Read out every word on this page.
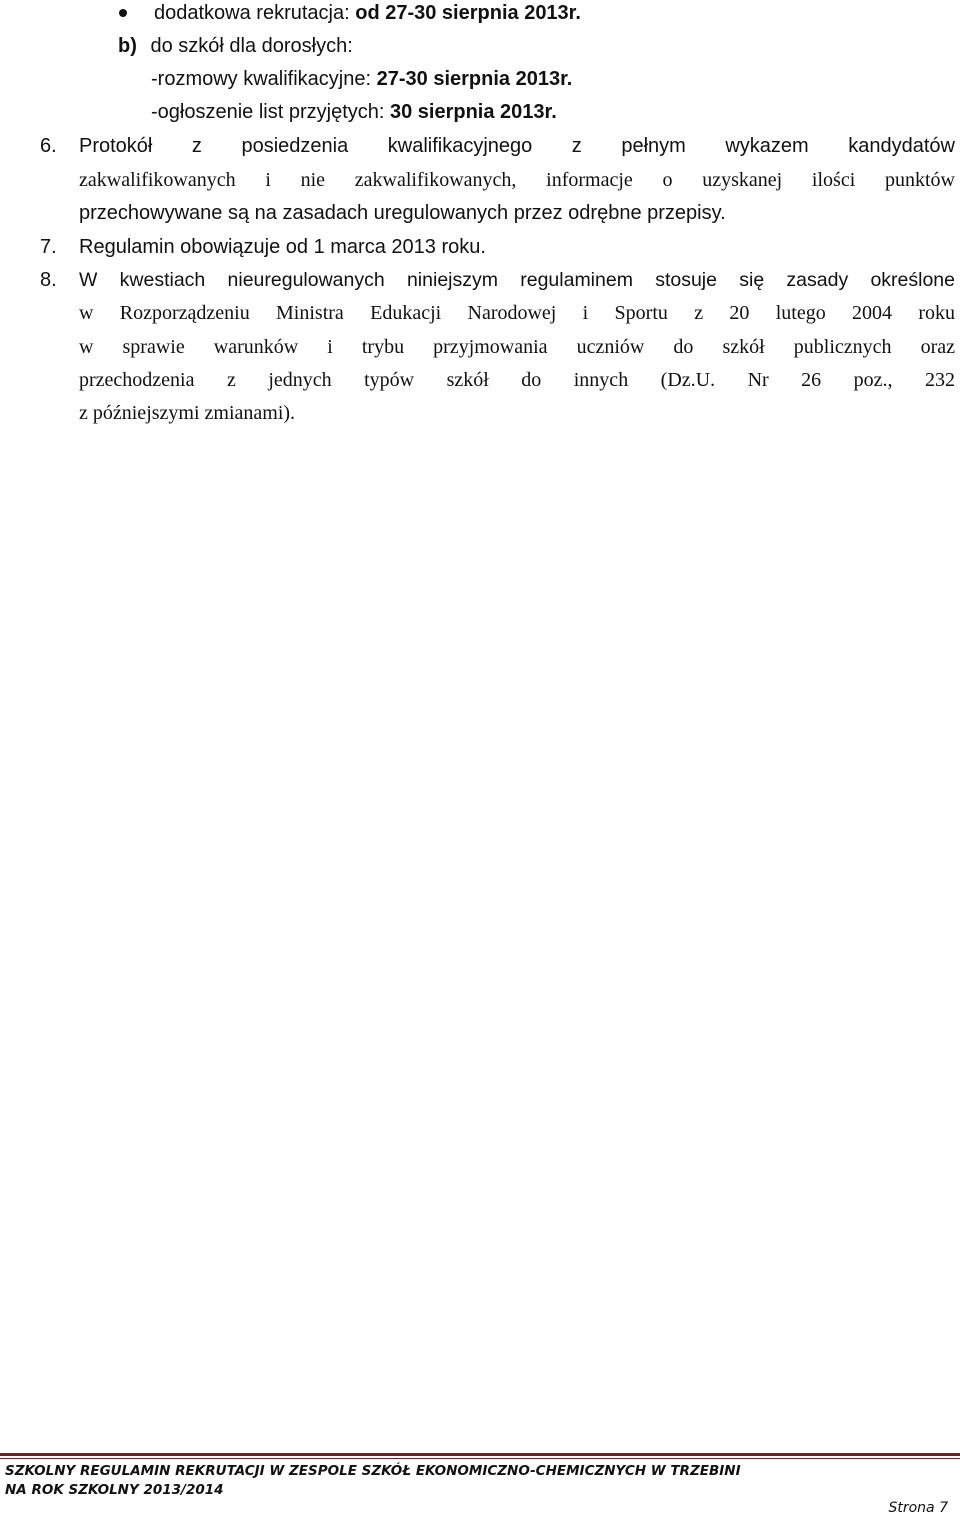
dodatkowa rekrutacja: od 27-30 sierpnia 2013r.
b) do szkół dla dorosłych:
-rozmowy kwalifikacyjne: 27-30 sierpnia 2013r.
-ogłoszenie list przyjętych: 30 sierpnia 2013r.
6. Protokół z posiedzenia kwalifikacyjnego z pełnym wykazem kandydatów
zakwalifikowanych i nie zakwalifikowanych, informacje o uzyskanej ilości punktów
przechowywane są na zasadach uregulowanych przez odrębne przepisy.
7. Regulamin obowiązuje od 1 marca 2013 roku.
8. W kwestiach nieuregulowanych niniejszym regulaminem stosuje się zasady określone
w Rozporządzeniu Ministra Edukacji Narodowej i Sportu z 20 lutego 2004 roku
w sprawie warunków i trybu przyjmowania uczniów do szkół publicznych oraz
przechodzenia z jednych typów szkół do innych (Dz.U. Nr 26 poz., 232
z późniejszymi zmianami).
SZKOLNY REGULAMIN REKRUTACJI W ZESPOLE SZKÓŁ EKONOMICZNO-CHEMICZNYCH W TRZEBINI
NA ROK SZKOLNY 2013/2014
Strona 7
